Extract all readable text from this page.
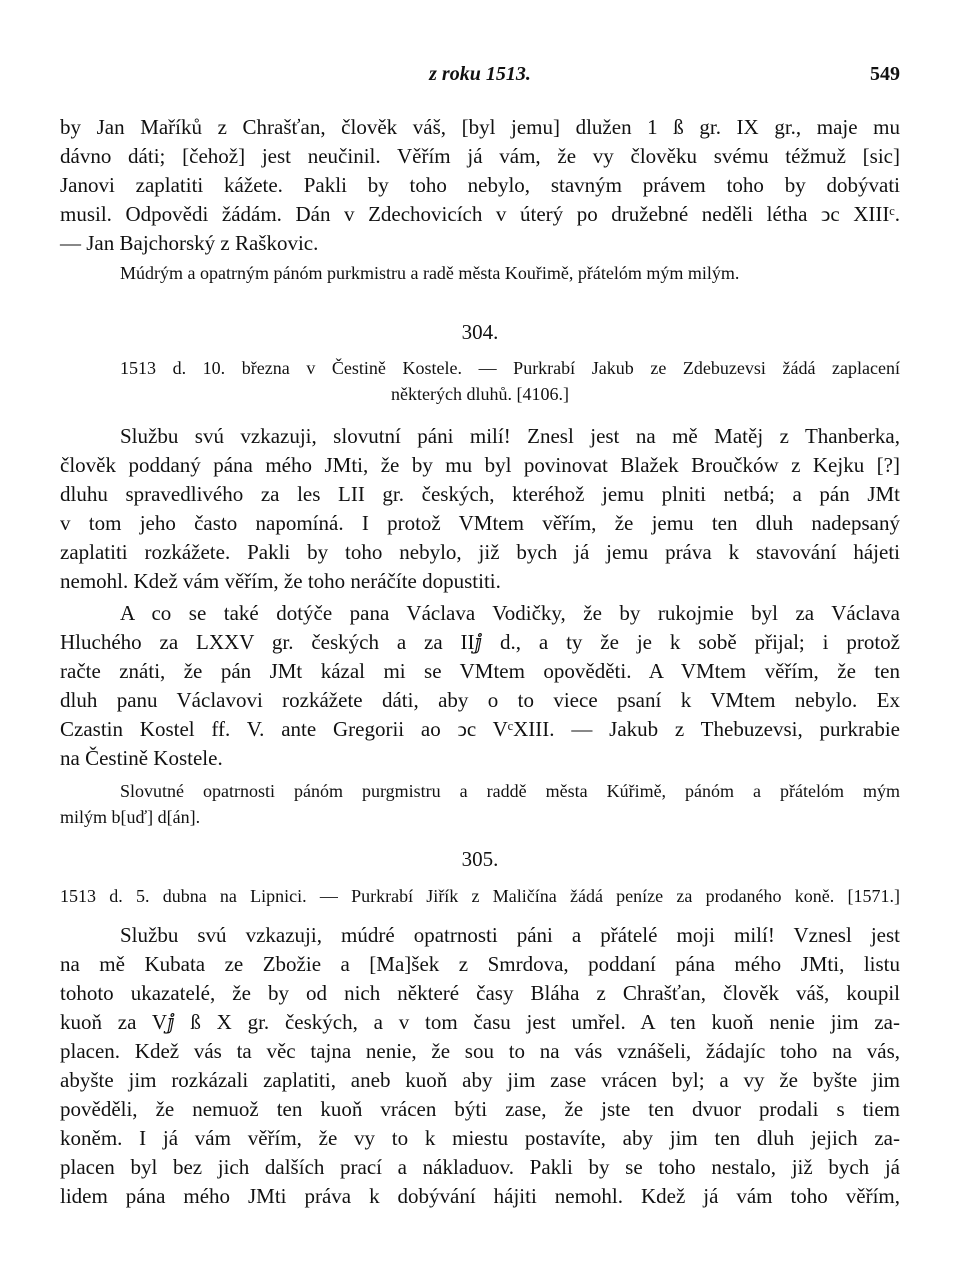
z roku 1513.	549
by Jan Maříků z Chrašťan, člověk váš, [byl jemu] dlužen 1 ß gr. IX gr., maje mu
dávno dáti; [čehož] jest neučinil. Věřím já vám, že vy člověku svému téžmuž [sic]
Janovi zaplatiti kážete. Pakli by toho nebylo, stavným právem toho by dobývati
musil. Odpovědi žádám. Dán v Zdechovicích v úterý po družebné neděli létha ↄc XIIIᶜ.
— Jan Bajchorský z Raškovic.
Múdrým a opatrným pánóm purkmistru a radě města Kouřimě, přátelóm mým milým.
304.
1513 d. 10. března v Čestině Kostele. — Purkrabí Jakub ze Zdebuzevsi žádá zaplacení
některých dluhů. [4106.]
Službu svú vzkazuji, slovutní páni milí! Znesl jest na mě Matěj z Thanberka,
člověk poddaný pána mého JMti, že by mu byl povinovat Blažek Broučków z Kejku [?]
dluhu spravedlivého za les LII gr. českých, kteréhož jemu plniti netbá; a pán JMt
v tom jeho často napomíná. I protož VMtem věřím, že jemu ten dluh nadepsaný
zaplatiti rozkážete. Pakli by toho nebylo, již bych já jemu práva k stavování hájeti
nemohl. Kdež vám věřím, že toho neráčíte dopustiti.
A co se také dotýče pana Václava Vodičky, že by rukojmie byl za Václava
Hluchého za LXXV gr. českých a za IIⅉ d., a ty že je k sobě přijal; i protož
račte znáti, že pán JMt kázal mi se VMtem opověděti. A VMtem věřím, že ten
dluh panu Václavovi rozkážete dáti, aby o to viece psaní k VMtem nebylo. Ex
Czastin Kostel ff. V. ante Gregorii ao ↄc VᶜXIII. — Jakub z Thebuzevsi, purkrabie
na Čestině Kostele.
Slovutné opatrnosti pánóm purgmistru a raddě města Kúřimě, pánóm a přátelóm mým
milým b[uď] d[án].
305.
1513 d. 5. dubna na Lipnici. — Purkrabí Jiřík z Maličína žádá peníze za prodaného koně. [1571.]
Službu svú vzkazuji, múdré opatrnosti páni a přátelé moji milí! Vznesl jest
na mě Kubata ze Zbožie a [Ma]šek z Smrdova, poddaní pána mého JMti, listu
tohoto ukazatelé, že by od nich některé časy Bláha z Chrašťan, člověk váš, koupil
kuoň za Vⅉ ß X gr. českých, a v tom času jest umřel. A ten kuoň nenie jim za-
placen. Kdež vás ta věc tajna nenie, že sou to na vás vznášeli, žádajíc toho na vás,
abyšte jim rozkázali zaplatiti, aneb kuoň aby jim zase vrácen byl; a vy že byšte jim
pověděli, že nemuož ten kuoň vrácen býti zase, že jste ten dvuor prodali s tiem
koněm. I já vám věřím, že vy to k miestu postavíte, aby jim ten dluh jejich za-
placen byl bez jich dalších prací a nákladuov. Pakli by se toho nestalo, již bych já
lidem pána mého JMti práva k dobývání hájiti nemohl. Kdež já vám toho věřím,
